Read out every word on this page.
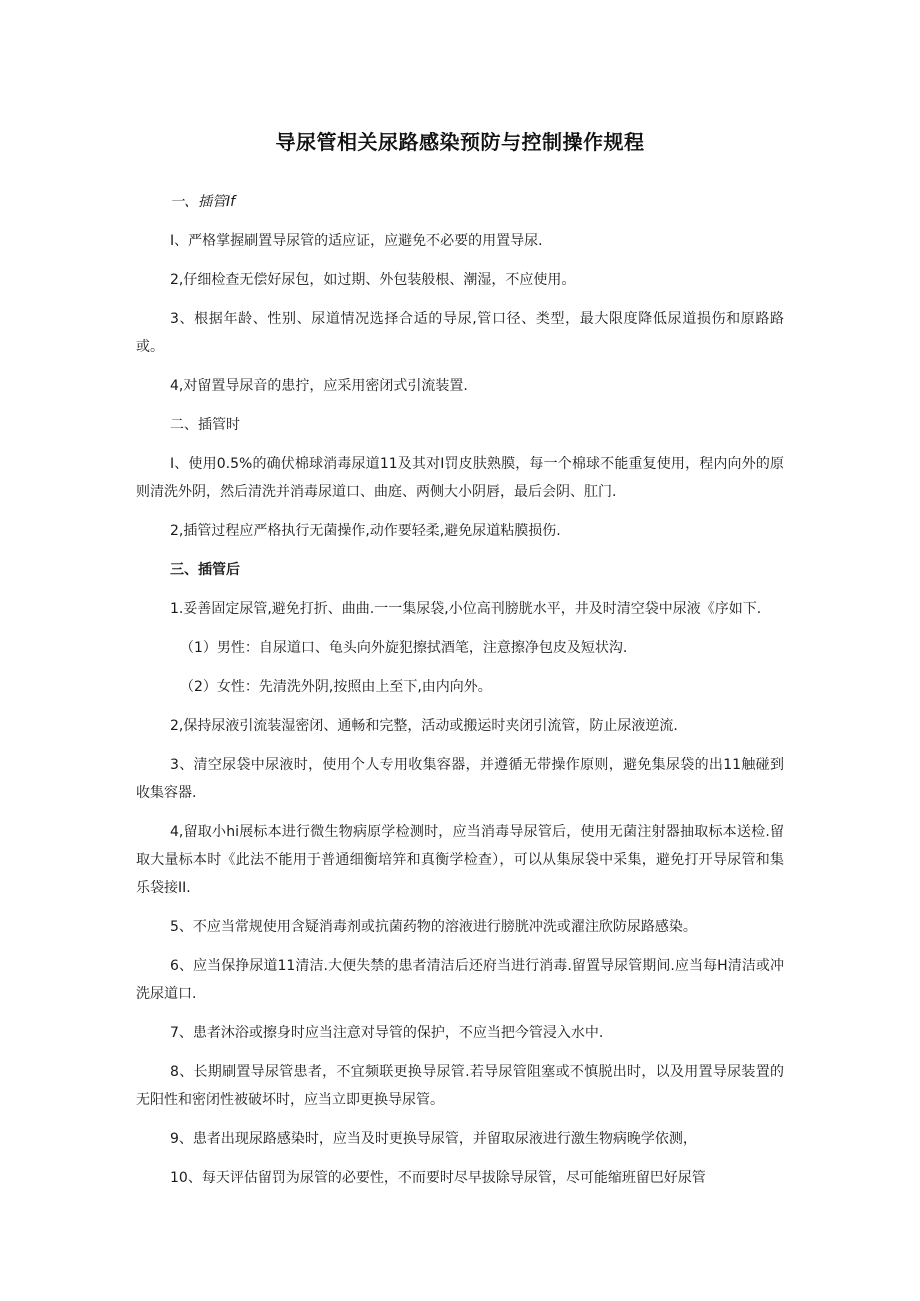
导尿管相关尿路感染预防与控制操作规程

一、插管If

I、严格掌握刷置导尿管的适应证，应避免不必要的用置导尿.

2,仔细检查无偿好尿包，如过期、外包装般根、潮湿，不应使用。

3、根据年龄、性别、尿道情况选择合适的导尿,管口径、类型，最大限度降低尿道损伤和原路路或。

4,对留置导尿音的患拧，应采用密闭式引流装置.

二、插管时

I、使用0.5%的确伏棉球消毒尿道11及其对I罚皮肤熟膜，每一个棉球不能重复使用，程内向外的原则清洗外阴，然后清洗并消毒尿道口、曲庭、两侧大小阴唇，最后会阴、肛门.

2,插管过程应严格执行无菌操作,动作要轻柔,避免尿道粘膜损伤.

三、插管后

1.妥善固定尿管,避免打折、曲曲.一一集尿袋,小位高刊膀胱水平，井及时清空袋中尿液《序如下.

（1）男性：自尿道口、龟头向外旋犯擦拭酒笔，注意擦净包皮及短状沟.

（2）女性：先清洗外阴,按照由上至下,由内向外。

2,保持尿液引流装湿密闭、通畅和完整，活动或搬运时夹闭引流管，防止尿液逆流.

3、清空尿袋中尿液时，使用个人专用收集容器，并遵循无带操作原则，避免集尿袋的出11触碰到收集容器.

4,留取小hi展标本进行微生物病原学检测时，应当消毒导尿管后，使用无菌注射器抽取标本送检.留取大量标本时《此法不能用于普通细衡培笄和真衡学检查），可以从集尿袋中采集，避免打开导尿管和集乐袋接II.

5、不应当常规使用含疑消毒剂或抗菌药物的溶液进行膀胱冲洗或濯注欣防尿路感染。

6、应当保挣尿道11清洁.大便失禁的患者清洁后还府当进行消毒.留置导尿管期间.应当每H清洁或冲洗尿道口.

7、患者沐浴或擦身时应当注意对导管的保护，不应当把今管浸入水中.

8、长期刷置导尿管患者，不宜频联更换导尿管.若导尿管阻塞或不慎脱出时，以及用置导尿装置的无阳性和密闭性被破坏时，应当立即更换导尿管。

9、患者出现尿路感染时，应当及时更换导尿管，并留取尿液进行激生物病晚学依测，

10、每天评估留罚为尿管的必要性，不而要时尽早拔除导尿管，尽可能缩班留巴好尿管
